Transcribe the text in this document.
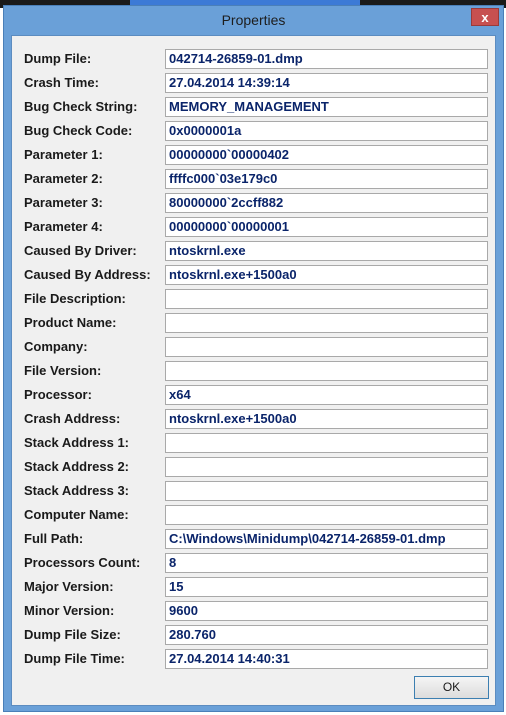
Properties	x
OK
Dump File:	042714-26859-01.dmp
Crash Time:	27.04.2014 14:39:14
Bug Check String:	MEMORY_MANAGEMENT
Bug Check Code:	0x0000001a
Parameter 1:	00000000`00000402
Parameter 2:	ffffc000`03e179c0
Parameter 3:	80000000`2ccff882
Parameter 4:	00000000`00000001
Caused By Driver:	ntoskrnl.exe
Caused By Address:	ntoskrnl.exe+1500a0
File Description:
Product Name:
Company:
File Version:
Processor:	x64
Crash Address:	ntoskrnl.exe+1500a0
Stack Address 1:
Stack Address 2:
Stack Address 3:
Computer Name:
Full Path:	C:\Windows\Minidump\042714-26859-01.dmp
Processors Count:	8
Major Version:	15
Minor Version:	9600
Dump File Size:	280.760
Dump File Time:	27.04.2014 14:40:31
